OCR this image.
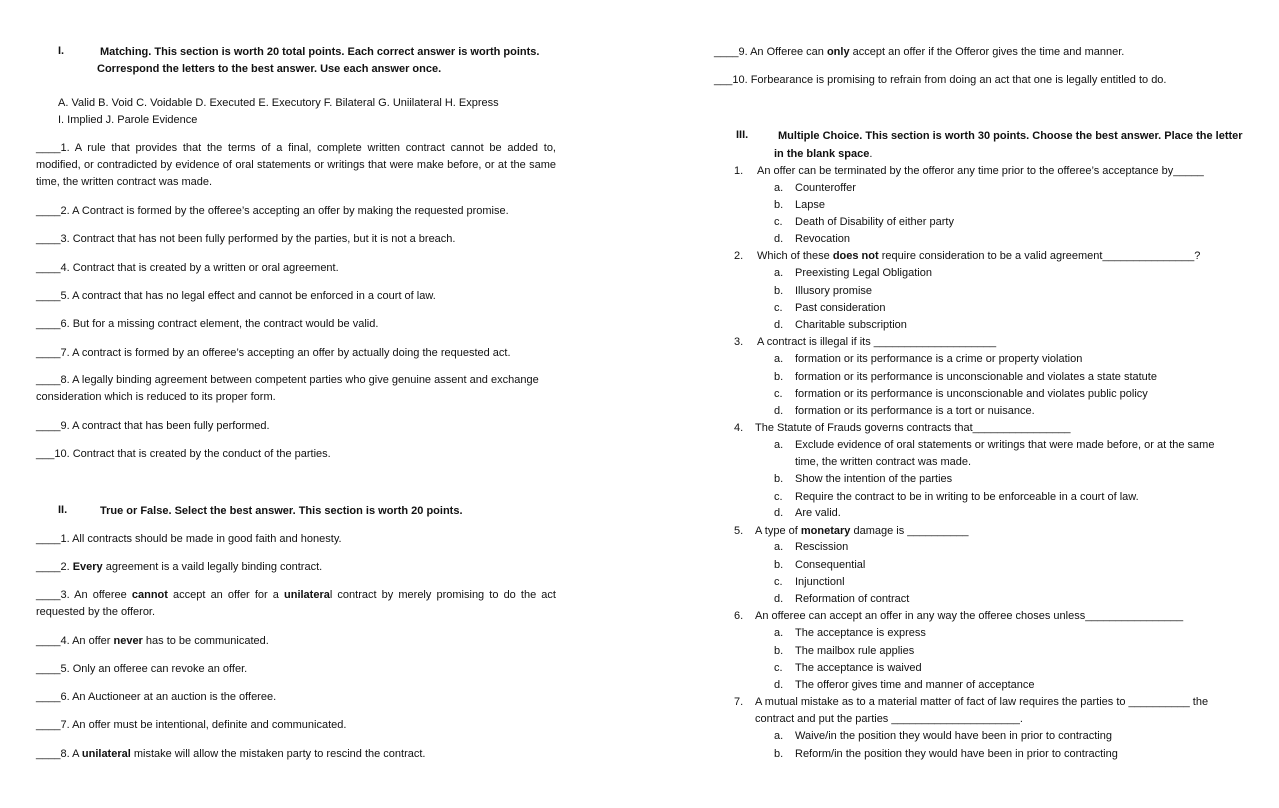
I.	Matching. This section is worth 20 total points. Each correct answer is worth points.
Correspond the letters to the best answer. Use each answer once.
A. Valid B. Void C. Voidable D. Executed E. Executory F. Bilateral G. Uniilateral H. Express
I. Implied J. Parole Evidence
____1. A rule that provides that the terms of a final, complete written contract cannot be added to, modified, or contradicted by evidence of oral statements or writings that were make before, or at the same time, the written contract was made.
____2. A Contract is formed by the offeree’s accepting an offer by making the requested promise.
____3. Contract that has not been fully performed by the parties, but it is not a breach.
____4. Contract that is created by a written or oral agreement.
____5. A contract that has no legal effect and cannot be enforced in a court of law.
____6. But for a missing contract element, the contract would be valid.
____7. A contract is formed by an offeree’s accepting an offer by actually doing the requested act.
____8. A legally binding agreement between competent parties who give genuine assent and exchange consideration which is reduced to its proper form.
____9. A contract that has been fully performed.
___10. Contract that is created by the conduct of the parties.
II.	True or False. Select the best answer. This section is worth 20 points.
____1. All contracts should be made in good faith and honesty.
____2. Every agreement is a vaild legally binding contract.
____3. An offeree cannot accept an offer for a unilateral contract by merely promising to do the act requested by the offeror.
____4. An offer never has to be communicated.
____5. Only an offeree can revoke an offer.
____6. An Auctioneer at an auction is the offeree.
____7. An offer must be intentional, definite and communicated.
____8. A unilateral mistake will allow the mistaken party to rescind the contract.
____9. An Offeree can only accept an offer if the Offeror gives the time and manner.
___10. Forbearance is promising to refrain from doing an act that one is legally entitled to do.
III.	Multiple Choice. This section is worth 30 points. Choose the best answer. Place the letter
in the blank space.
1. An offer can be terminated by the offeror any time prior to the offeree’s acceptance by_____
a. Counteroffer
b. Lapse
c. Death of Disability of either party
d. Revocation
2. Which of these does not require consideration to be a valid agreement_______________?
a. Preexisting Legal Obligation
b. Illusory promise
c. Past consideration
d. Charitable subscription
3. A contract is illegal if its ____________________
a. formation or its performance is a crime or property violation
b. formation or its performance is unconscionable and violates a state statute
c. formation or its performance is unconscionable and violates public policy
d. formation or its performance is a tort or nuisance.
4. The Statute of Frauds governs contracts that________________
a. Exclude evidence of oral statements or writings that were made before, or at the same
time, the written contract was made.
b. Show the intention of the parties
c. Require the contract to be in writing to be enforceable in a court of law.
d. Are valid.
5. A type of monetary damage is __________
a. Rescission
b. Consequential
c. Injunctionl
d. Reformation of contract
6. An offeree can accept an offer in any way the offeree choses unless________________
a. The acceptance is express
b. The mailbox rule applies
c. The acceptance is waived
d. The offeror gives time and manner of acceptance
7. A mutual mistake as to a material matter of fact of law requires the parties to __________ the
contract and put the parties _____________________.
a. Waive/in the position they would have been in prior to contracting
b. Reform/in the position they would have been in prior to contracting
